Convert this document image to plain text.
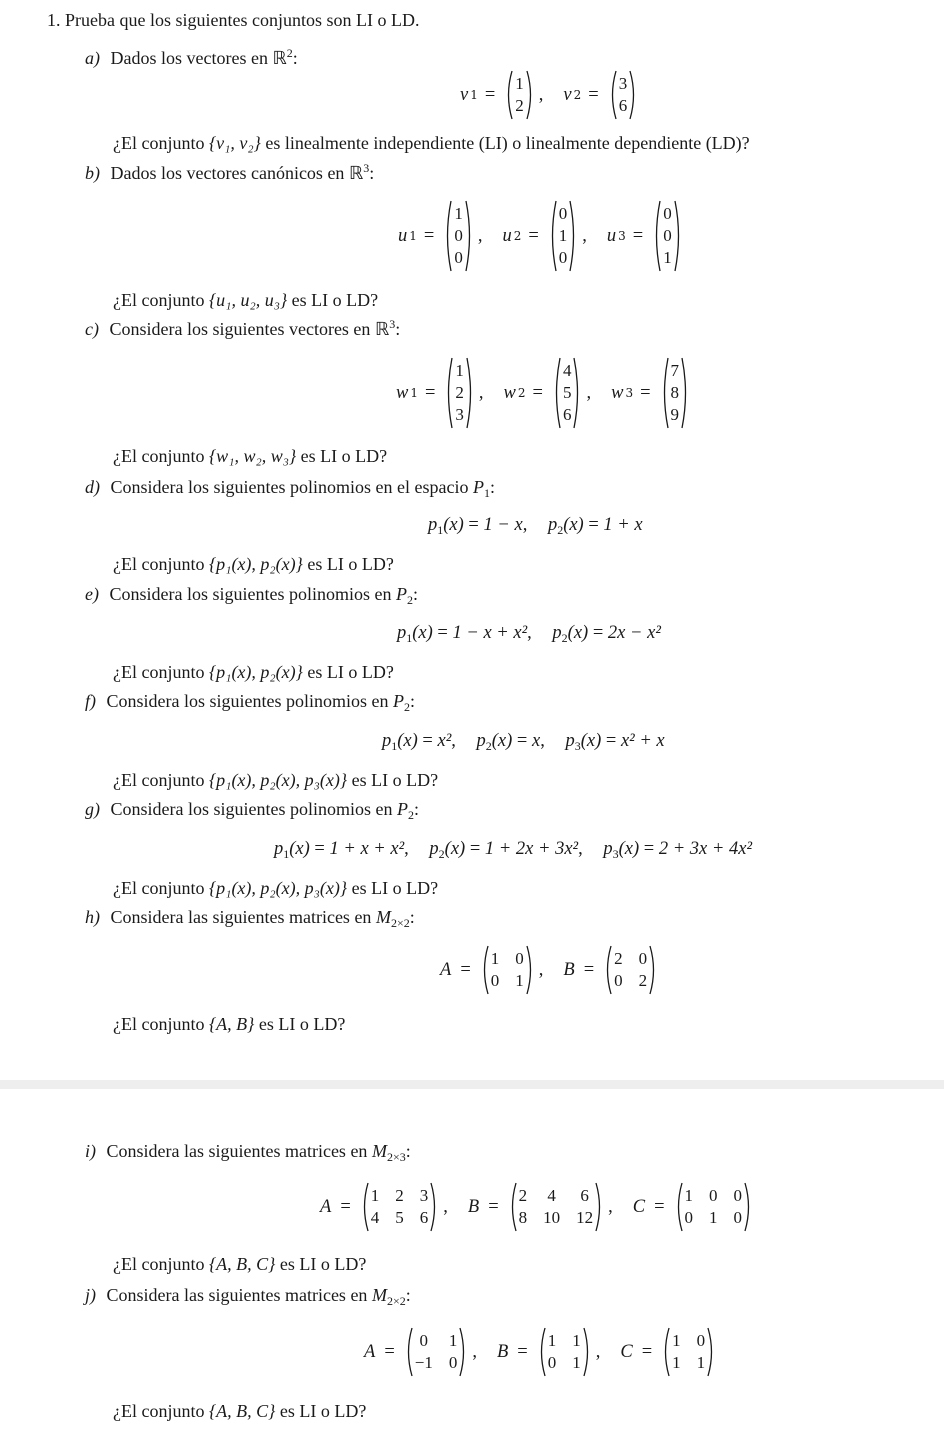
1. Prueba que los siguientes conjuntos son LI o LD.
a) Dados los vectores en ℝ$^2$:
v 1 =
1
2
, v 2 =
3
6
¿El conjunto {v₁, v₂} es linealmente independiente (LI) o linealmente dependiente (LD)?
b) Dados los vectores canónicos en ℝ$^3$:
u 1 =
1
0
0
, u 2 =
0
1
0
, u 3 =
0
0
1
¿El conjunto {u₁, u₂, u₃} es LI o LD?
c) Considera los siguientes vectores en ℝ$^3$:
w 1 =
1
2
3
, w 2 =
4
5
6
, w 3 =
7
8
9
¿El conjunto {w₁, w₂, w₃} es LI o LD?
d) Considera los siguientes polinomios en el espacio $P_1$:
$p_1(x) = 1 - x$, $p_2(x) = 1 + x$
¿El conjunto {p₁(x), p₂(x)} es LI o LD?
e) Considera los siguientes polinomios en $P_2$:
$p_1(x) = 1 - x + x^2$, $p_2(x) = 2x - x^2$
¿El conjunto {p₁(x), p₂(x)} es LI o LD?
f) Considera los siguientes polinomios en $P_2$:
$p_1(x) = x^2$, $p_2(x) = x$, $p_3(x) = x^2 + x$
¿El conjunto {p₁(x), p₂(x), p₃(x)} es LI o LD?
g) Considera los siguientes polinomios en $P_2$:
$p_1(x) = 1 + x + x^2$, $p_2(x) = 1 + 2x + 3x^2$, $p_3(x) = 2 + 3x + 4x^2$
¿El conjunto {p₁(x), p₂(x), p₃(x)} es LI o LD?
h) Considera las siguientes matrices en $M_{2\times 2}$:
A =
1 0
0 1
, B =
2 0
0 2
¿El conjunto {A, B} es LI o LD?
i) Considera las siguientes matrices en $M_{2\times 3}$:
A =
1 2 3
4 5 6
, B =
2 4 6
8 10 12
, C =
1 0 0
0 1 0
¿El conjunto {A, B, C} es LI o LD?
j) Considera las siguientes matrices en $M_{2\times 2}$:
A =
0 1
−1 0
, B =
1 1
0 1
, C =
1 0
1 1
¿El conjunto {A, B, C} es LI o LD?
